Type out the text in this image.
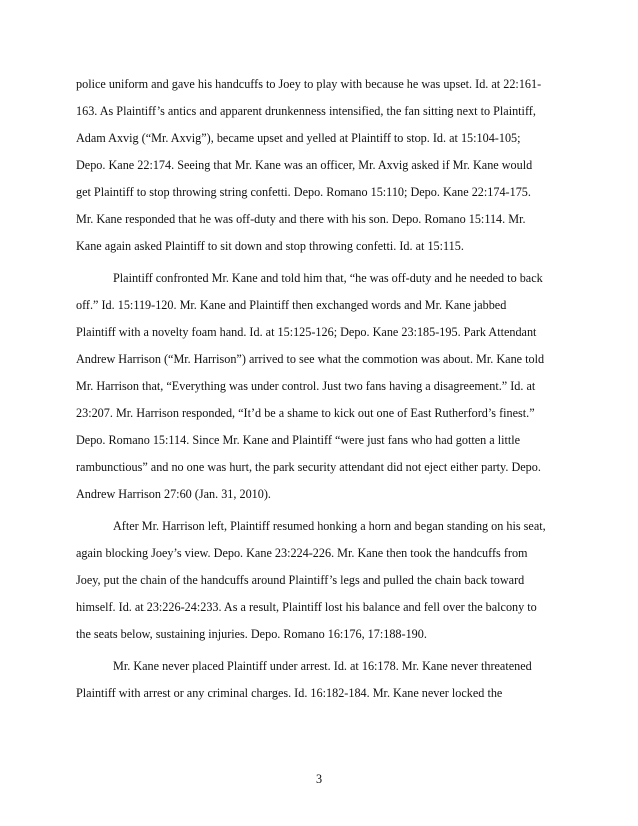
police uniform and gave his handcuffs to Joey to play with because he was upset. Id. at 22:161-
163. As Plaintiff’s antics and apparent drunkenness intensified, the fan sitting next to Plaintiff,
Adam Axvig (“Mr. Axvig”), became upset and yelled at Plaintiff to stop. Id. at 15:104-105;
Depo. Kane 22:174. Seeing that Mr. Kane was an officer, Mr. Axvig asked if Mr. Kane would
get Plaintiff to stop throwing string confetti. Depo. Romano 15:110; Depo. Kane 22:174-175.
Mr. Kane responded that he was off-duty and there with his son. Depo. Romano 15:114. Mr.
Kane again asked Plaintiff to sit down and stop throwing confetti. Id. at 15:115.
Plaintiff confronted Mr. Kane and told him that, “he was off-duty and he needed to back
off.” Id. 15:119-120. Mr. Kane and Plaintiff then exchanged words and Mr. Kane jabbed
Plaintiff with a novelty foam hand. Id. at 15:125-126; Depo. Kane 23:185-195. Park Attendant
Andrew Harrison (“Mr. Harrison”) arrived to see what the commotion was about. Mr. Kane told
Mr. Harrison that, “Everything was under control. Just two fans having a disagreement.” Id. at
23:207. Mr. Harrison responded, “It’d be a shame to kick out one of East Rutherford’s finest.”
Depo. Romano 15:114. Since Mr. Kane and Plaintiff “were just fans who had gotten a little
rambunctious” and no one was hurt, the park security attendant did not eject either party. Depo.
Andrew Harrison 27:60 (Jan. 31, 2010).
After Mr. Harrison left, Plaintiff resumed honking a horn and began standing on his seat,
again blocking Joey’s view. Depo. Kane 23:224-226. Mr. Kane then took the handcuffs from
Joey, put the chain of the handcuffs around Plaintiff’s legs and pulled the chain back toward
himself. Id. at 23:226-24:233. As a result, Plaintiff lost his balance and fell over the balcony to
the seats below, sustaining injuries. Depo. Romano 16:176, 17:188-190.
Mr. Kane never placed Plaintiff under arrest. Id. at 16:178. Mr. Kane never threatened
Plaintiff with arrest or any criminal charges. Id. 16:182-184. Mr. Kane never locked the
3
